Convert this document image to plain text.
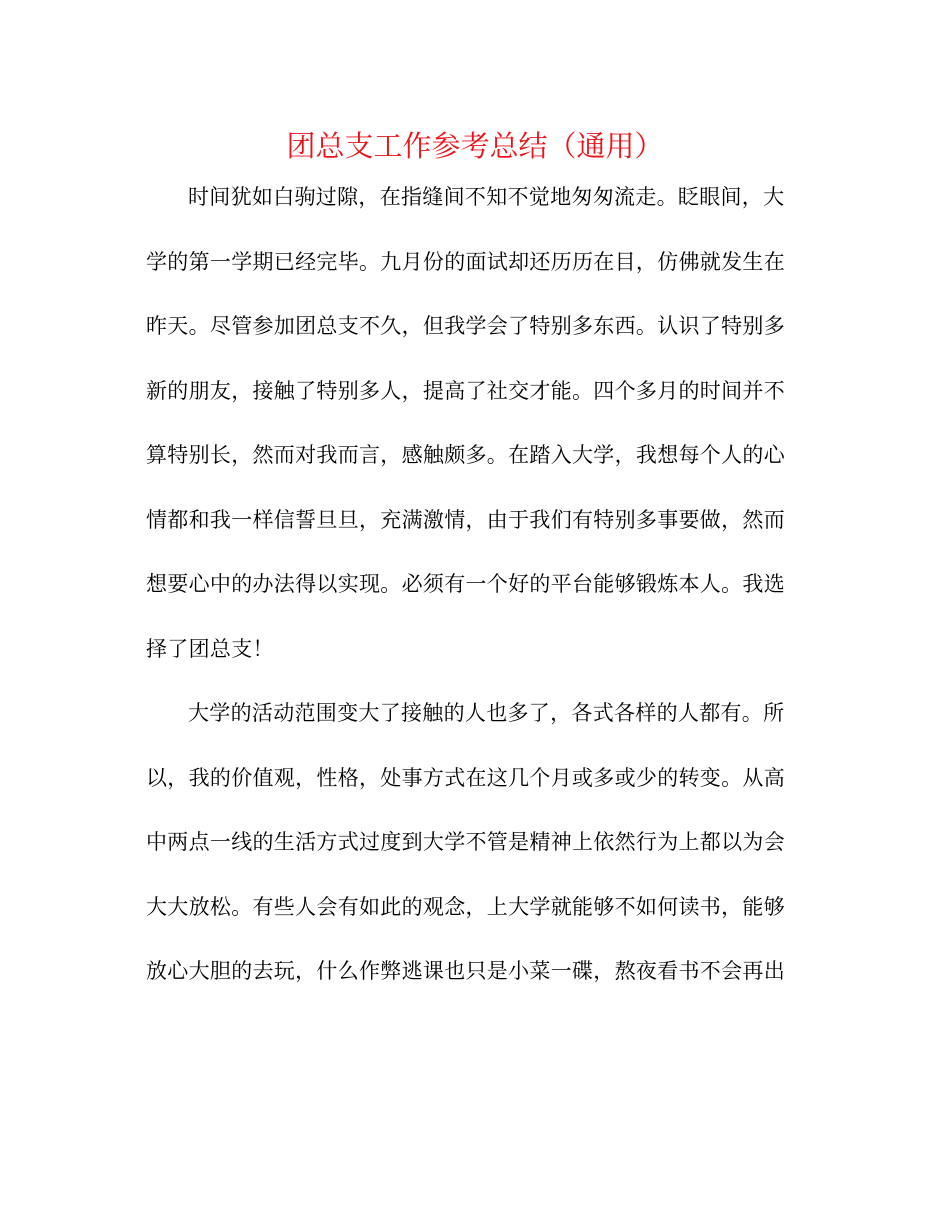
团总支工作参考总结（通用）
时间犹如白驹过隙，在指缝间不知不觉地匆匆流走。眨眼间，大
学的第一学期已经完毕。九月份的面试却还历历在目，仿佛就发生在
昨天。尽管参加团总支不久，但我学会了特别多东西。认识了特别多
新的朋友，接触了特别多人，提高了社交才能。四个多月的时间并不
算特别长，然而对我而言，感触颇多。在踏入大学，我想每个人的心
情都和我一样信誓旦旦，充满激情，由于我们有特别多事要做，然而
想要心中的办法得以实现。必须有一个好的平台能够锻炼本人。我选
择了团总支！
大学的活动范围变大了接触的人也多了，各式各样的人都有。所
以，我的价值观，性格，处事方式在这几个月或多或少的转变。从高
中两点一线的生活方式过度到大学不管是精神上依然行为上都以为会
大大放松。有些人会有如此的观念，上大学就能够不如何读书，能够
放心大胆的去玩，什么作弊逃课也只是小菜一碟，熬夜看书不会再出
